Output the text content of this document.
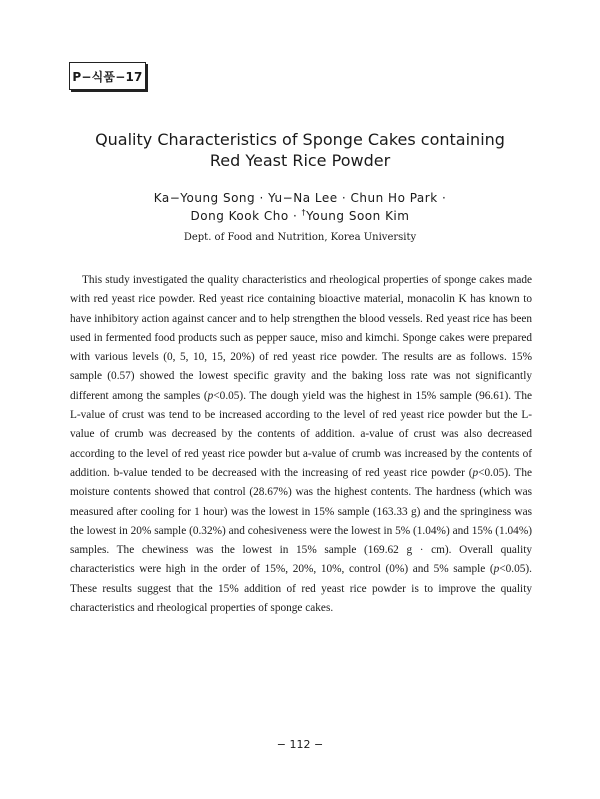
P−식품−17
Quality Characteristics of Sponge Cakes containing
Red Yeast Rice Powder
Ka−Young Song · Yu−Na Lee · Chun Ho Park ·
Dong Kook Cho · †Young Soon Kim
Dept. of Food and Nutrition, Korea University

This study investigated the quality characteristics and rheological properties of sponge cakes made with red yeast rice powder. Red yeast rice containing bioactive material, monacolin K has known to have inhibitory action against cancer and to help strengthen the blood vessels. Red yeast rice has been used in fermented food products such as pepper sauce, miso and kimchi. Sponge cakes were prepared with various levels (0, 5, 10, 15, 20%) of red yeast rice powder. The results are as follows. 15% sample (0.57) showed the lowest specific gravity and the baking loss rate was not significantly different among the samples (p<0.05). The dough yield was the highest in 15% sample (96.61). The L-value of crust was tend to be increased according to the level of red yeast rice powder but the L-value of crumb was decreased by the contents of addition. a-value of crust was also decreased according to the level of red yeast rice powder but a-value of crumb was increased by the contents of addition. b-value tended to be decreased with the increasing of red yeast rice powder (p<0.05). The moisture contents showed that control (28.67%) was the highest contents. The hardness (which was measured after cooling for 1 hour) was the lowest in 15% sample (163.33 g) and the springiness was the lowest in 20% sample (0.32%) and cohesiveness were the lowest in 5% (1.04%) and 15% (1.04%) samples. The chewiness was the lowest in 15% sample (169.62 g · cm). Overall quality characteristics were high in the order of 15%, 20%, 10%, control (0%) and 5% sample (p<0.05). These results suggest that the 15% addition of red yeast rice powder is to improve the quality characteristics and rheological properties of sponge cakes.

− 112 −
